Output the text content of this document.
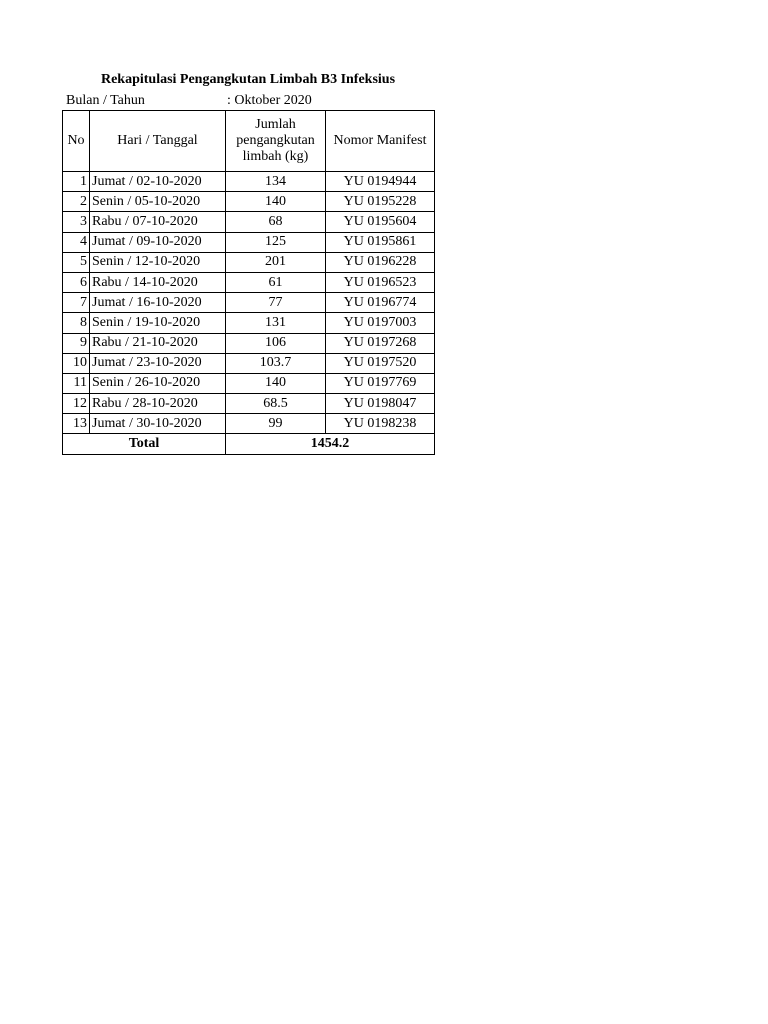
Rekapitulasi Pengangkutan Limbah B3 Infeksius
Bulan / Tahun	: Oktober 2020
No	Hari / Tanggal	Jumlah pengangkutan limbah (kg)	Nomor Manifest
1	Jumat / 02-10-2020	134	YU 0194944
2	Senin / 05-10-2020	140	YU 0195228
3	Rabu / 07-10-2020	68	YU 0195604
4	Jumat / 09-10-2020	125	YU 0195861
5	Senin / 12-10-2020	201	YU 0196228
6	Rabu / 14-10-2020	61	YU 0196523
7	Jumat / 16-10-2020	77	YU 0196774
8	Senin / 19-10-2020	131	YU 0197003
9	Rabu / 21-10-2020	106	YU 0197268
10	Jumat / 23-10-2020	103.7	YU 0197520
11	Senin / 26-10-2020	140	YU 0197769
12	Rabu / 28-10-2020	68.5	YU 0198047
13	Jumat / 30-10-2020	99	YU 0198238
Total		1454.2	
